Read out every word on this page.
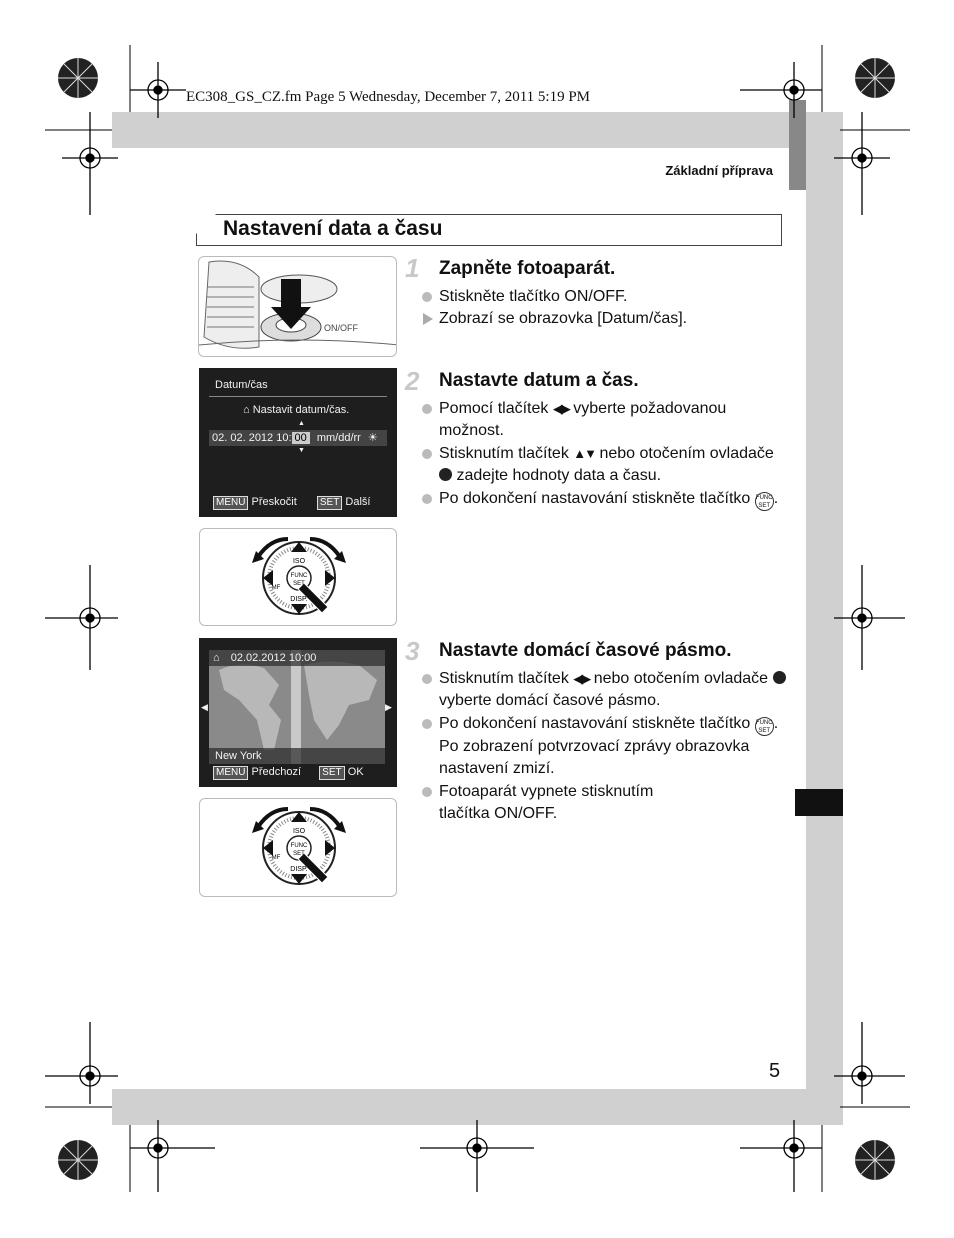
EC308_GS_CZ.fm Page 5 Wednesday, December 7, 2011 5:19 PM
Základní příprava
Nastavení data a času
ON/OFF
1 Zapněte fotoaparát.
Stiskněte tlačítko ON/OFF.
Zobrazí se obrazovka [Datum/čas].
Datum/čas
⌂ Nastavit datum/čas.
02. 02. 2012 10: 00 mm/dd/rr ☀
▲
▼
MENU Přeskočit SET Další
ISO
DISP.
FUNC
SET
MF
2 Nastavte datum a čas.
Pomocí tlačítek ◀▶ vyberte požadovanou možnost.
Stisknutím tlačítek ▲▼ nebo otočením ovladače  zadejte hodnoty data a času.
Po dokončení nastavování stiskněte tlačítko FUNC SET .
⌂ 02.02.2012 10:00
New York
◀	▶
MENU Předchozí SET OK
ISO
DISP.
FUNC
SET
MF
3 Nastavte domácí časové pásmo.
Stisknutím tlačítek ◀▶ nebo otočením ovladače  vyberte domácí časové pásmo.
Po dokončení nastavování stiskněte tlačítko FUNC SET . Po zobrazení potvrzovací zprávy obrazovka nastavení zmizí.
Fotoaparát vypnete stisknutím tlačítka ON/OFF.
5
